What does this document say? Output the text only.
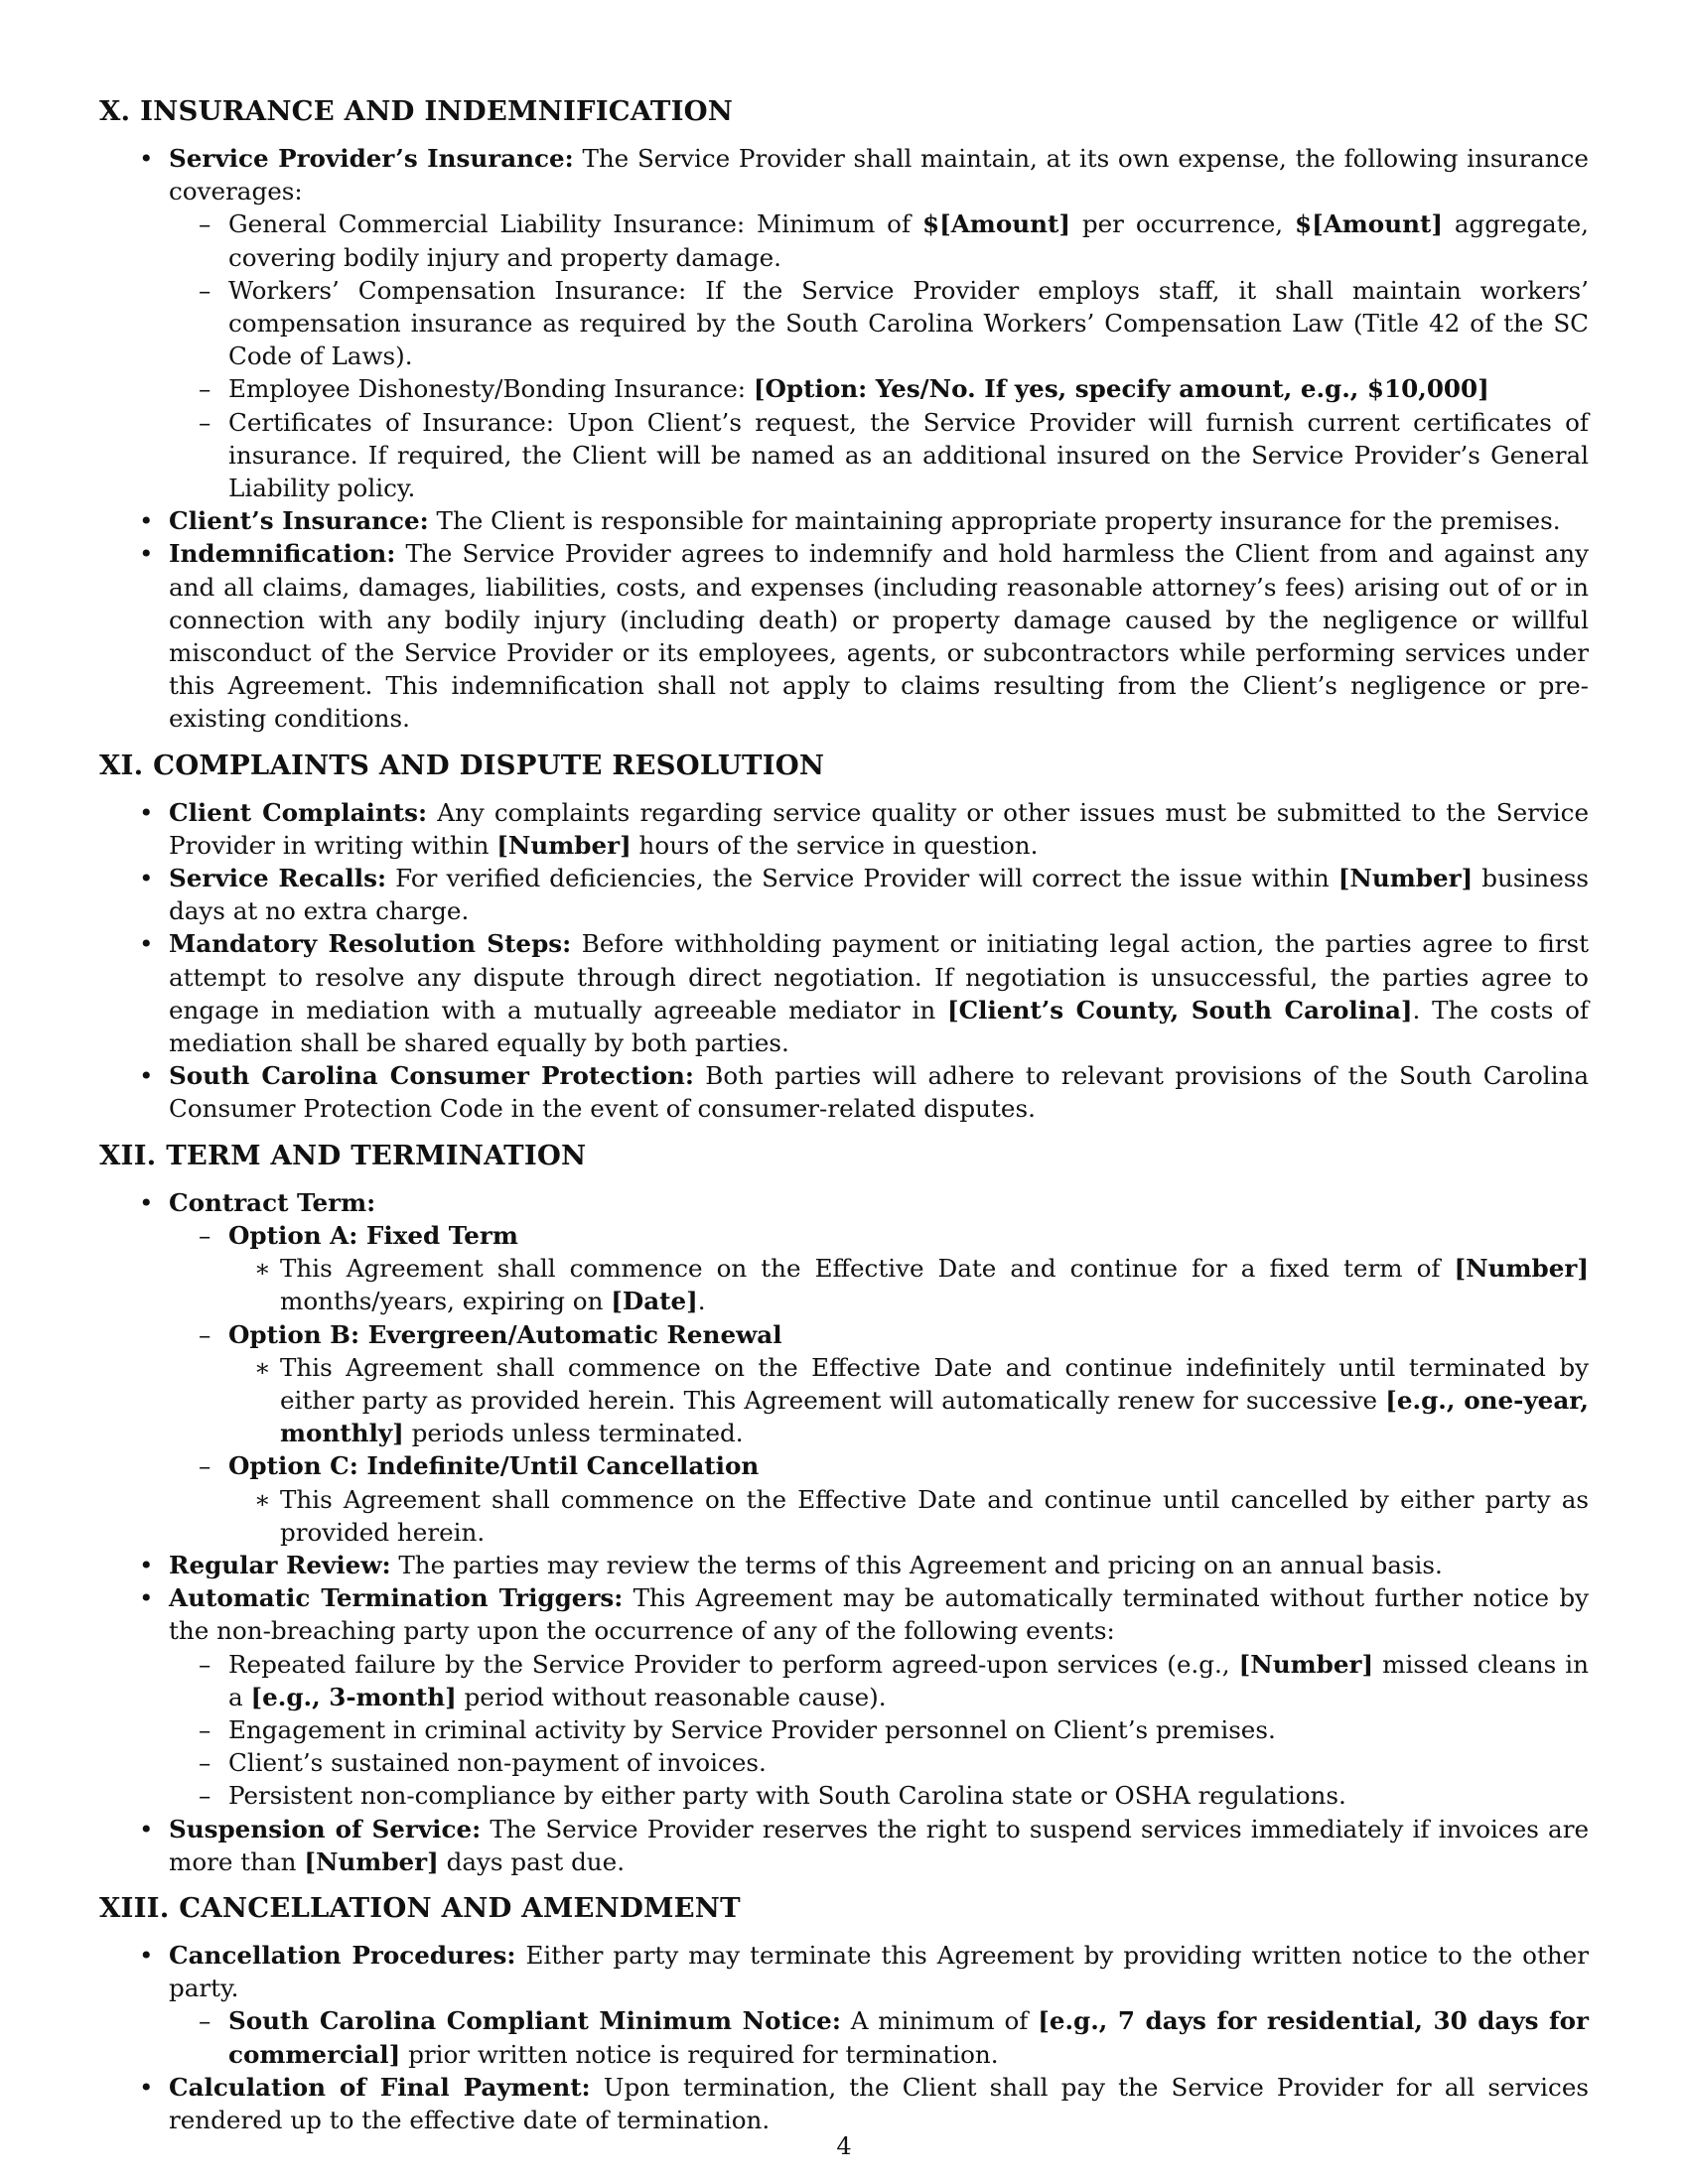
X. INSURANCE AND INDEMNIFICATION
• Service Provider’s Insurance: The Service Provider shall maintain, at its own expense, the following insurance coverages:
– General Commercial Liability Insurance: Minimum of $[Amount] per occurrence, $[Amount] aggregate, covering bodily injury and property damage.
– Workers’ Compensation Insurance: If the Service Provider employs staff, it shall maintain workers’ compensation insurance as required by the South Carolina Workers’ Compensation Law (Title 42 of the SC Code of Laws).
– Employee Dishonesty/Bonding Insurance: [Option: Yes/No. If yes, specify amount, e.g., $10,000]
– Certificates of Insurance: Upon Client’s request, the Service Provider will furnish current certificates of insurance. If required, the Client will be named as an additional insured on the Service Provider’s General Liability policy.
• Client’s Insurance: The Client is responsible for maintaining appropriate property insurance for the premises.
• Indemnification: The Service Provider agrees to indemnify and hold harmless the Client from and against any and all claims, damages, liabilities, costs, and expenses (including reasonable attorney’s fees) arising out of or in connection with any bodily injury (including death) or property damage caused by the negligence or willful misconduct of the Service Provider or its employees, agents, or subcontractors while performing services under this Agreement. This indemnification shall not apply to claims resulting from the Client’s negligence or pre-existing conditions.
XI. COMPLAINTS AND DISPUTE RESOLUTION
• Client Complaints: Any complaints regarding service quality or other issues must be submitted to the Service Provider in writing within [Number] hours of the service in question.
• Service Recalls: For verified deficiencies, the Service Provider will correct the issue within [Number] business days at no extra charge.
• Mandatory Resolution Steps: Before withholding payment or initiating legal action, the parties agree to first attempt to resolve any dispute through direct negotiation. If negotiation is unsuccessful, the parties agree to engage in mediation with a mutually agreeable mediator in [Client’s County, South Carolina]. The costs of mediation shall be shared equally by both parties.
• South Carolina Consumer Protection: Both parties will adhere to relevant provisions of the South Carolina Consumer Protection Code in the event of consumer-related disputes.
XII. TERM AND TERMINATION
• Contract Term:
– Option A: Fixed Term
∗ This Agreement shall commence on the Effective Date and continue for a fixed term of [Number] months/years, expiring on [Date].
– Option B: Evergreen/Automatic Renewal
∗ This Agreement shall commence on the Effective Date and continue indefinitely until terminated by either party as provided herein. This Agreement will automatically renew for successive [e.g., one-year, monthly] periods unless terminated.
– Option C: Indefinite/Until Cancellation
∗ This Agreement shall commence on the Effective Date and continue until cancelled by either party as provided herein.
• Regular Review: The parties may review the terms of this Agreement and pricing on an annual basis.
• Automatic Termination Triggers: This Agreement may be automatically terminated without further notice by the non-breaching party upon the occurrence of any of the following events:
– Repeated failure by the Service Provider to perform agreed-upon services (e.g., [Number] missed cleans in a [e.g., 3-month] period without reasonable cause).
– Engagement in criminal activity by Service Provider personnel on Client’s premises.
– Client’s sustained non-payment of invoices.
– Persistent non-compliance by either party with South Carolina state or OSHA regulations.
• Suspension of Service: The Service Provider reserves the right to suspend services immediately if invoices are more than [Number] days past due.
XIII. CANCELLATION AND AMENDMENT
• Cancellation Procedures: Either party may terminate this Agreement by providing written notice to the other party.
– South Carolina Compliant Minimum Notice: A minimum of [e.g., 7 days for residential, 30 days for commercial] prior written notice is required for termination.
• Calculation of Final Payment: Upon termination, the Client shall pay the Service Provider for all services rendered up to the effective date of termination.
4
